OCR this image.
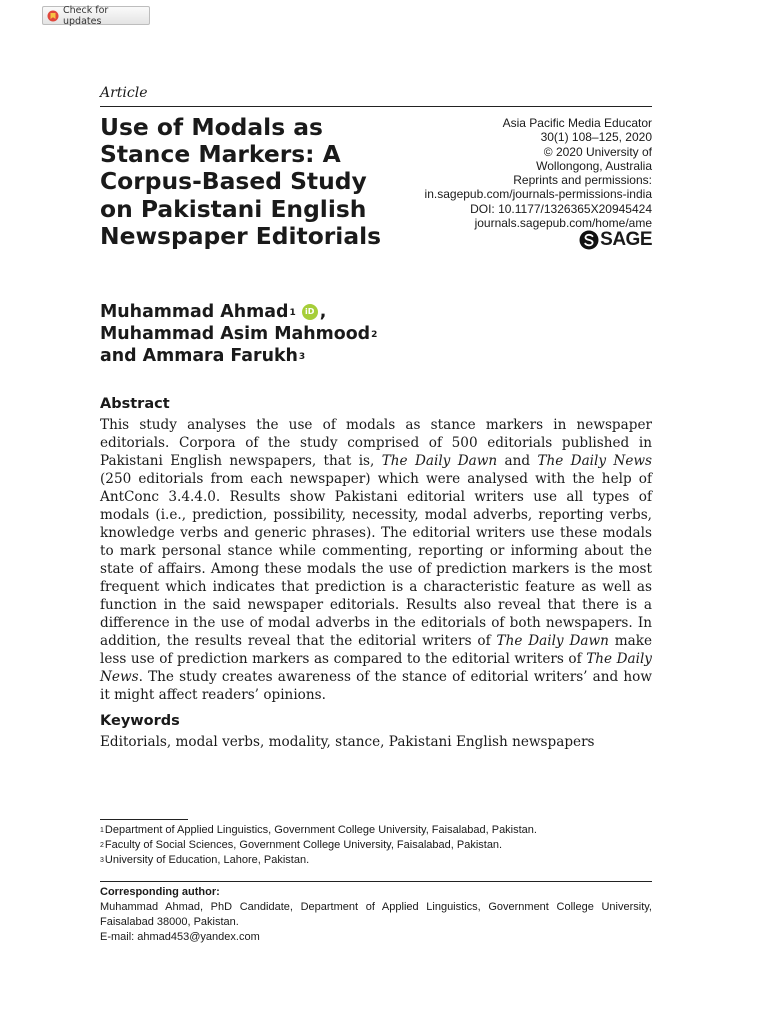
Check for updates
Article
Use of Modals as
Stance Markers: A
Corpus-Based Study
on Pakistani English
Newspaper Editorials
Asia Pacific Media Educator
30(1) 108–125, 2020
© 2020 University of
Wollongong, Australia
Reprints and permissions:
in.sagepub.com/journals-permissions-india
DOI: 10.1177/1326365X20945424
journals.sagepub.com/home/ame
SAGE
Muhammad Ahmad$^1$	iD ,
Muhammad Asim Mahmood$^2$
and Ammara Farukh$^3$
Abstract
This study analyses the use of modals as stance markers in newspaper editorials. Corpora of the study comprised of 500 editorials published in Pakistani English newspapers, that is, The Daily Dawn and The Daily News (250 editorials from each newspaper) which were analysed with the help of AntConc 3.4.4.0. Results show Pakistani editorial writers use all types of modals (i.e., prediction, possibility, necessity, modal adverbs, reporting verbs, knowledge verbs and generic phrases). The editorial writers use these modals to mark personal stance while commenting, reporting or informing about the state of affairs. Among these modals the use of prediction markers is the most frequent which indicates that prediction is a characteristic feature as well as function in the said newspaper editorials. Results also reveal that there is a difference in the use of modal adverbs in the editorials of both newspapers. In addition, the results reveal that the editorial writers of The Daily Dawn make less use of prediction markers as compared to the editorial writers of The Daily News. The study creates awareness of the stance of editorial writers’ and how it might affect readers’ opinions.
Keywords
Editorials, modal verbs, modality, stance, Pakistani English newspapers
$^1$Department of Applied Linguistics, Government College University, Faisalabad, Pakistan.
$^2$Faculty of Social Sciences, Government College University, Faisalabad, Pakistan.
$^3$University of Education, Lahore, Pakistan.
Corresponding author:
Muhammad Ahmad, PhD Candidate, Department of Applied Linguistics, Government College University, Faisalabad 38000, Pakistan.
E-mail: ahmad453@yandex.com
